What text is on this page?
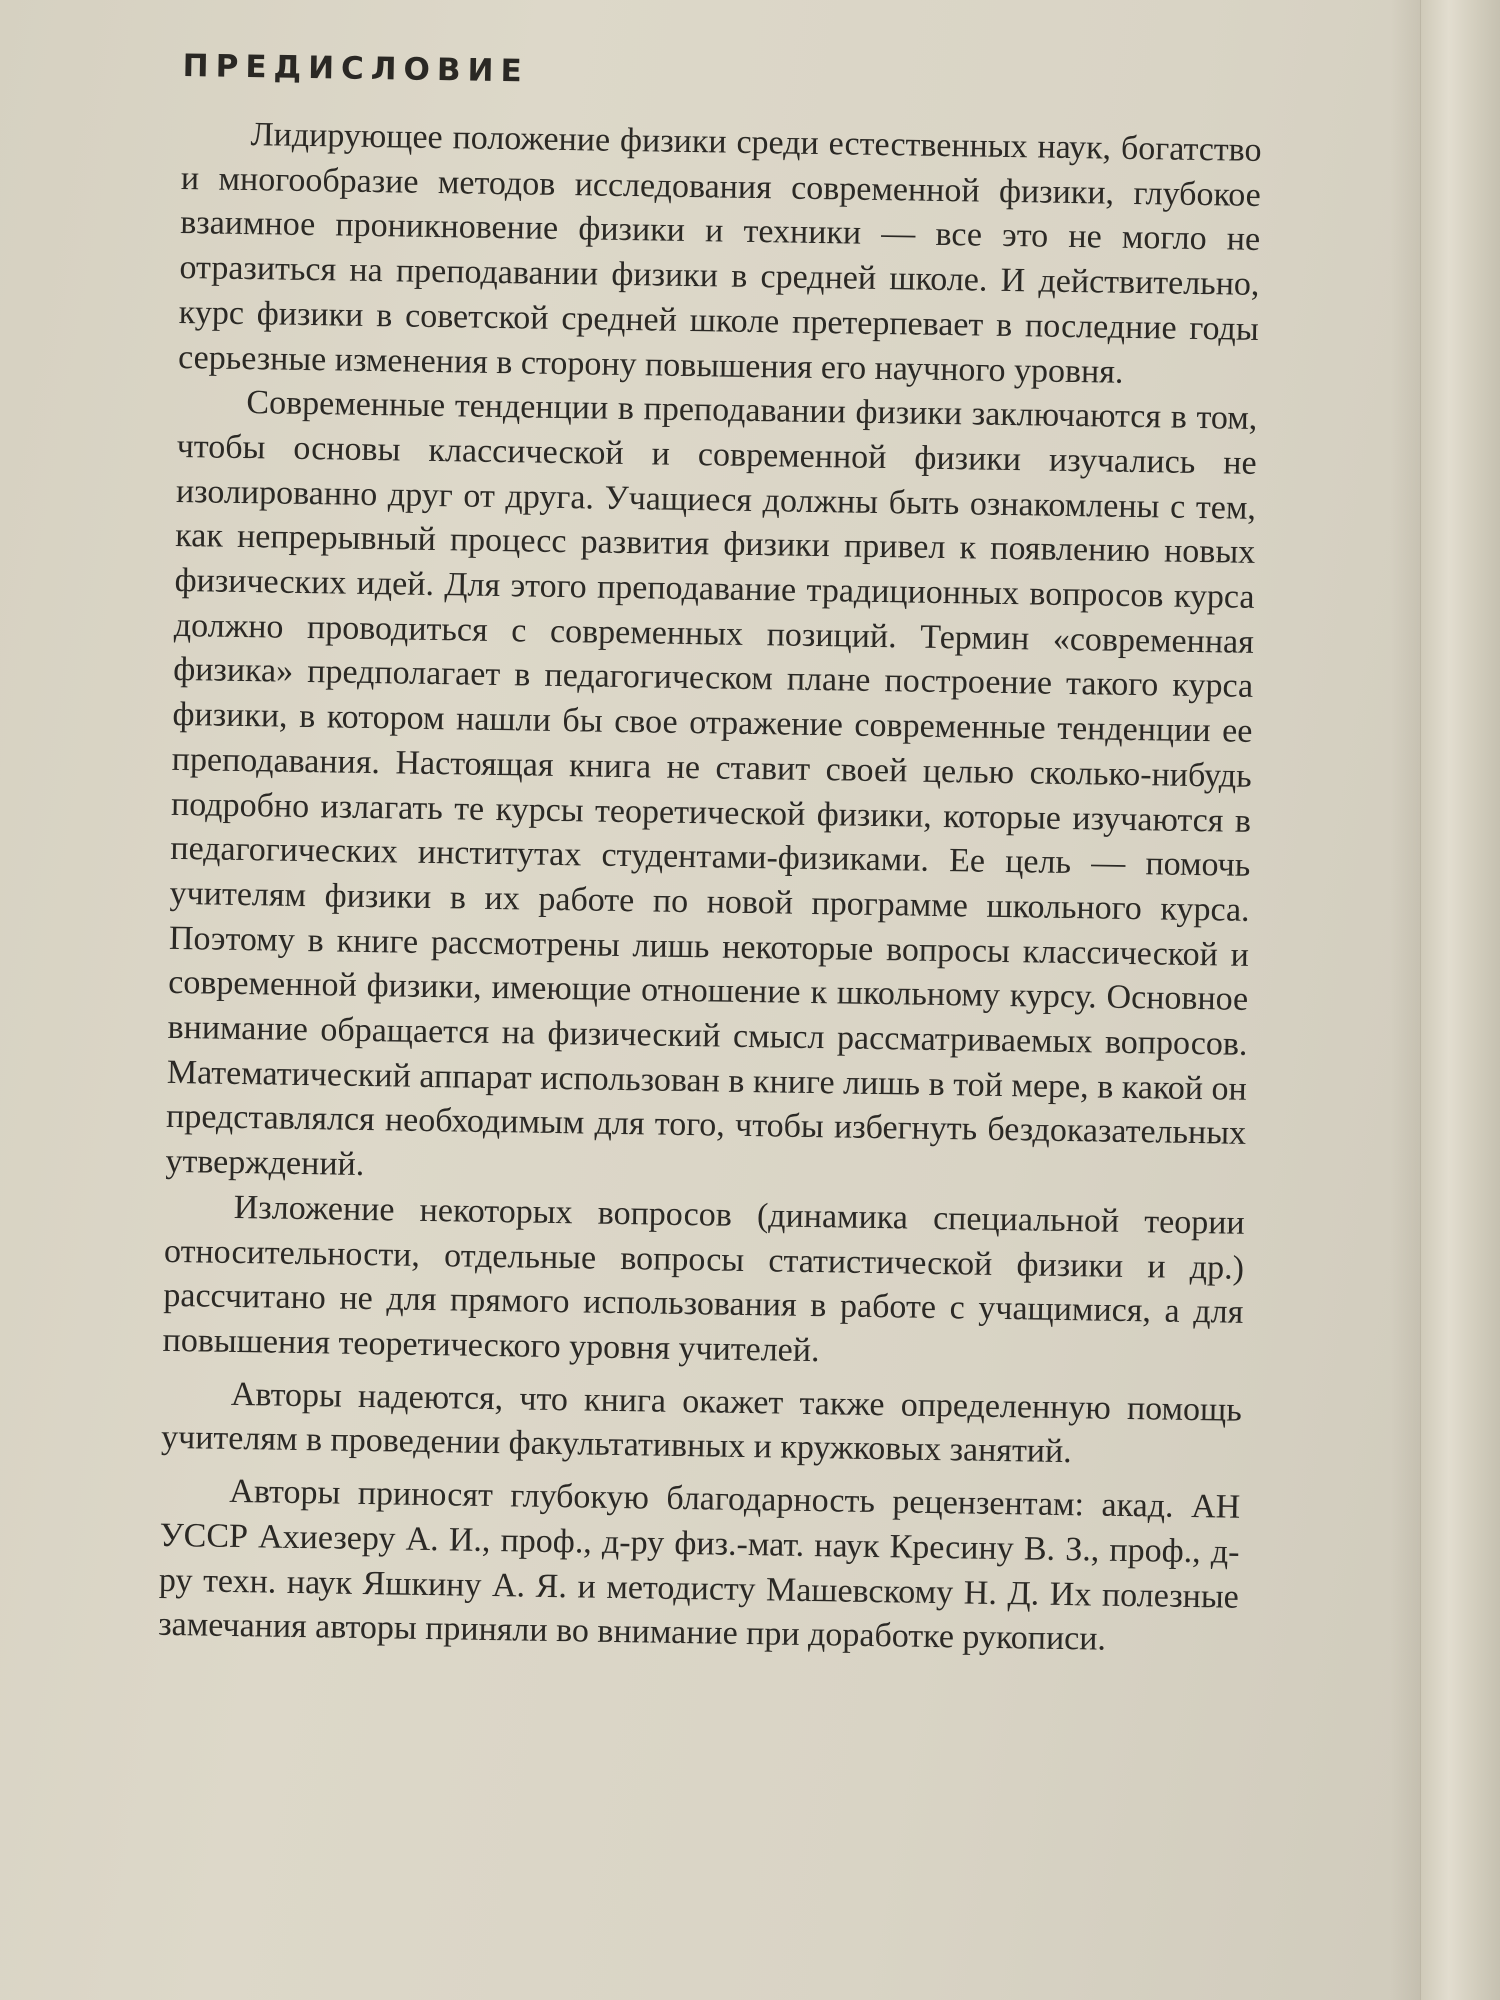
ПРЕДИСЛОВИЕ

Лидирующее положение физики среди естественных наук, богатство и многообразие методов исследования современной физики, глубокое взаимное проникновение физики и техники — все это не могло не отразиться на преподавании физики в средней школе. И действительно, курс физики в советской средней школе претерпевает в последние годы серьезные изменения в сторону повышения его научного уровня.

Современные тенденции в преподавании физики заключаются в том, чтобы основы классической и современной физики изучались не изолированно друг от друга. Учащиеся должны быть ознакомлены с тем, как непрерывный процесс развития физики привел к появлению новых физических идей. Для этого преподавание традиционных вопросов курса должно проводиться с современных позиций. Термин «современная физика» предполагает в педагогическом плане построение такого курса физики, в котором нашли бы свое отражение современные тенденции ее преподавания. Настоящая книга не ставит своей целью сколько-нибудь подробно излагать те курсы теоретической физики, которые изучаются в педагогических институтах студентами-физиками. Ее цель — помочь учителям физики в их работе по новой программе школьного курса. Поэтому в книге рассмотрены лишь некоторые вопросы классической и современной физики, имеющие отношение к школьному курсу. Основное внимание обращается на физический смысл рассматриваемых вопросов. Математический аппарат использован в книге лишь в той мере, в какой он представлялся необходимым для того, чтобы избегнуть бездоказательных утверждений.

Изложение некоторых вопросов (динамика специальной теории относительности, отдельные вопросы статистической физики и др.) рассчитано не для прямого использования в работе с учащимися, а для повышения теоретического уровня учителей.

Авторы надеются, что книга окажет также определенную помощь учителям в проведении факультативных и кружковых занятий.

Авторы приносят глубокую благодарность рецензентам: акад. АН УССР Ахиезеру А. И., проф., д-ру физ.-мат. наук Кресину В. З., проф., д-ру техн. наук Яшкину А. Я. и методисту Машевскому Н. Д. Их полезные замечания авторы приняли во внимание при доработке рукописи.
